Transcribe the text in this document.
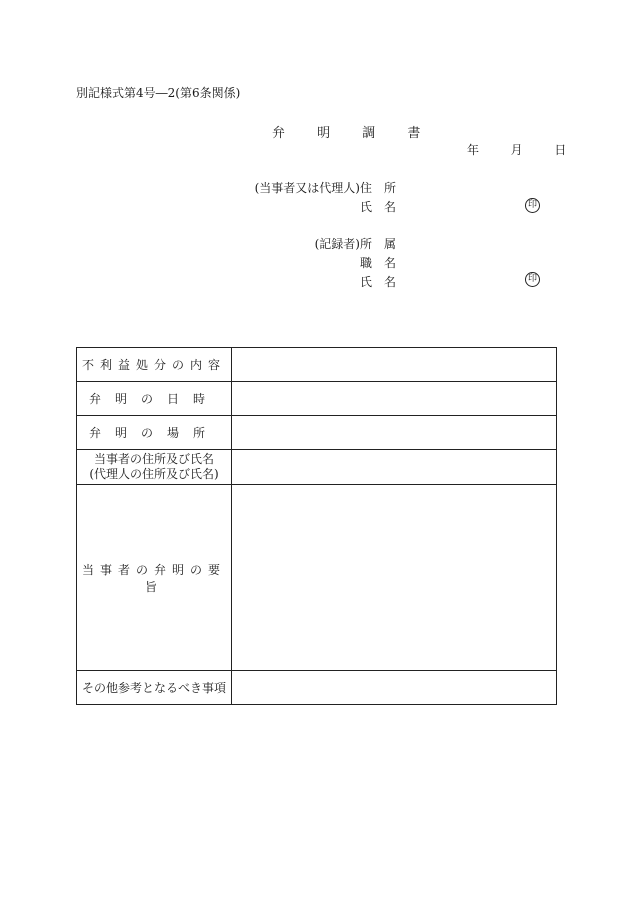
別記様式第4号―2(第6条関係)
弁 明 調 書
年	月	日
(当事者又は代理人)住　所
氏　名	印
(記録者)所　属
職　名
氏　名	印
不利益処分の内容	
弁明の日時	
弁明の場所	

当事者の住所及び氏名
(代理人の住所及び氏名)	

当事者の弁明の要旨	
その他参考となるべき事項	
